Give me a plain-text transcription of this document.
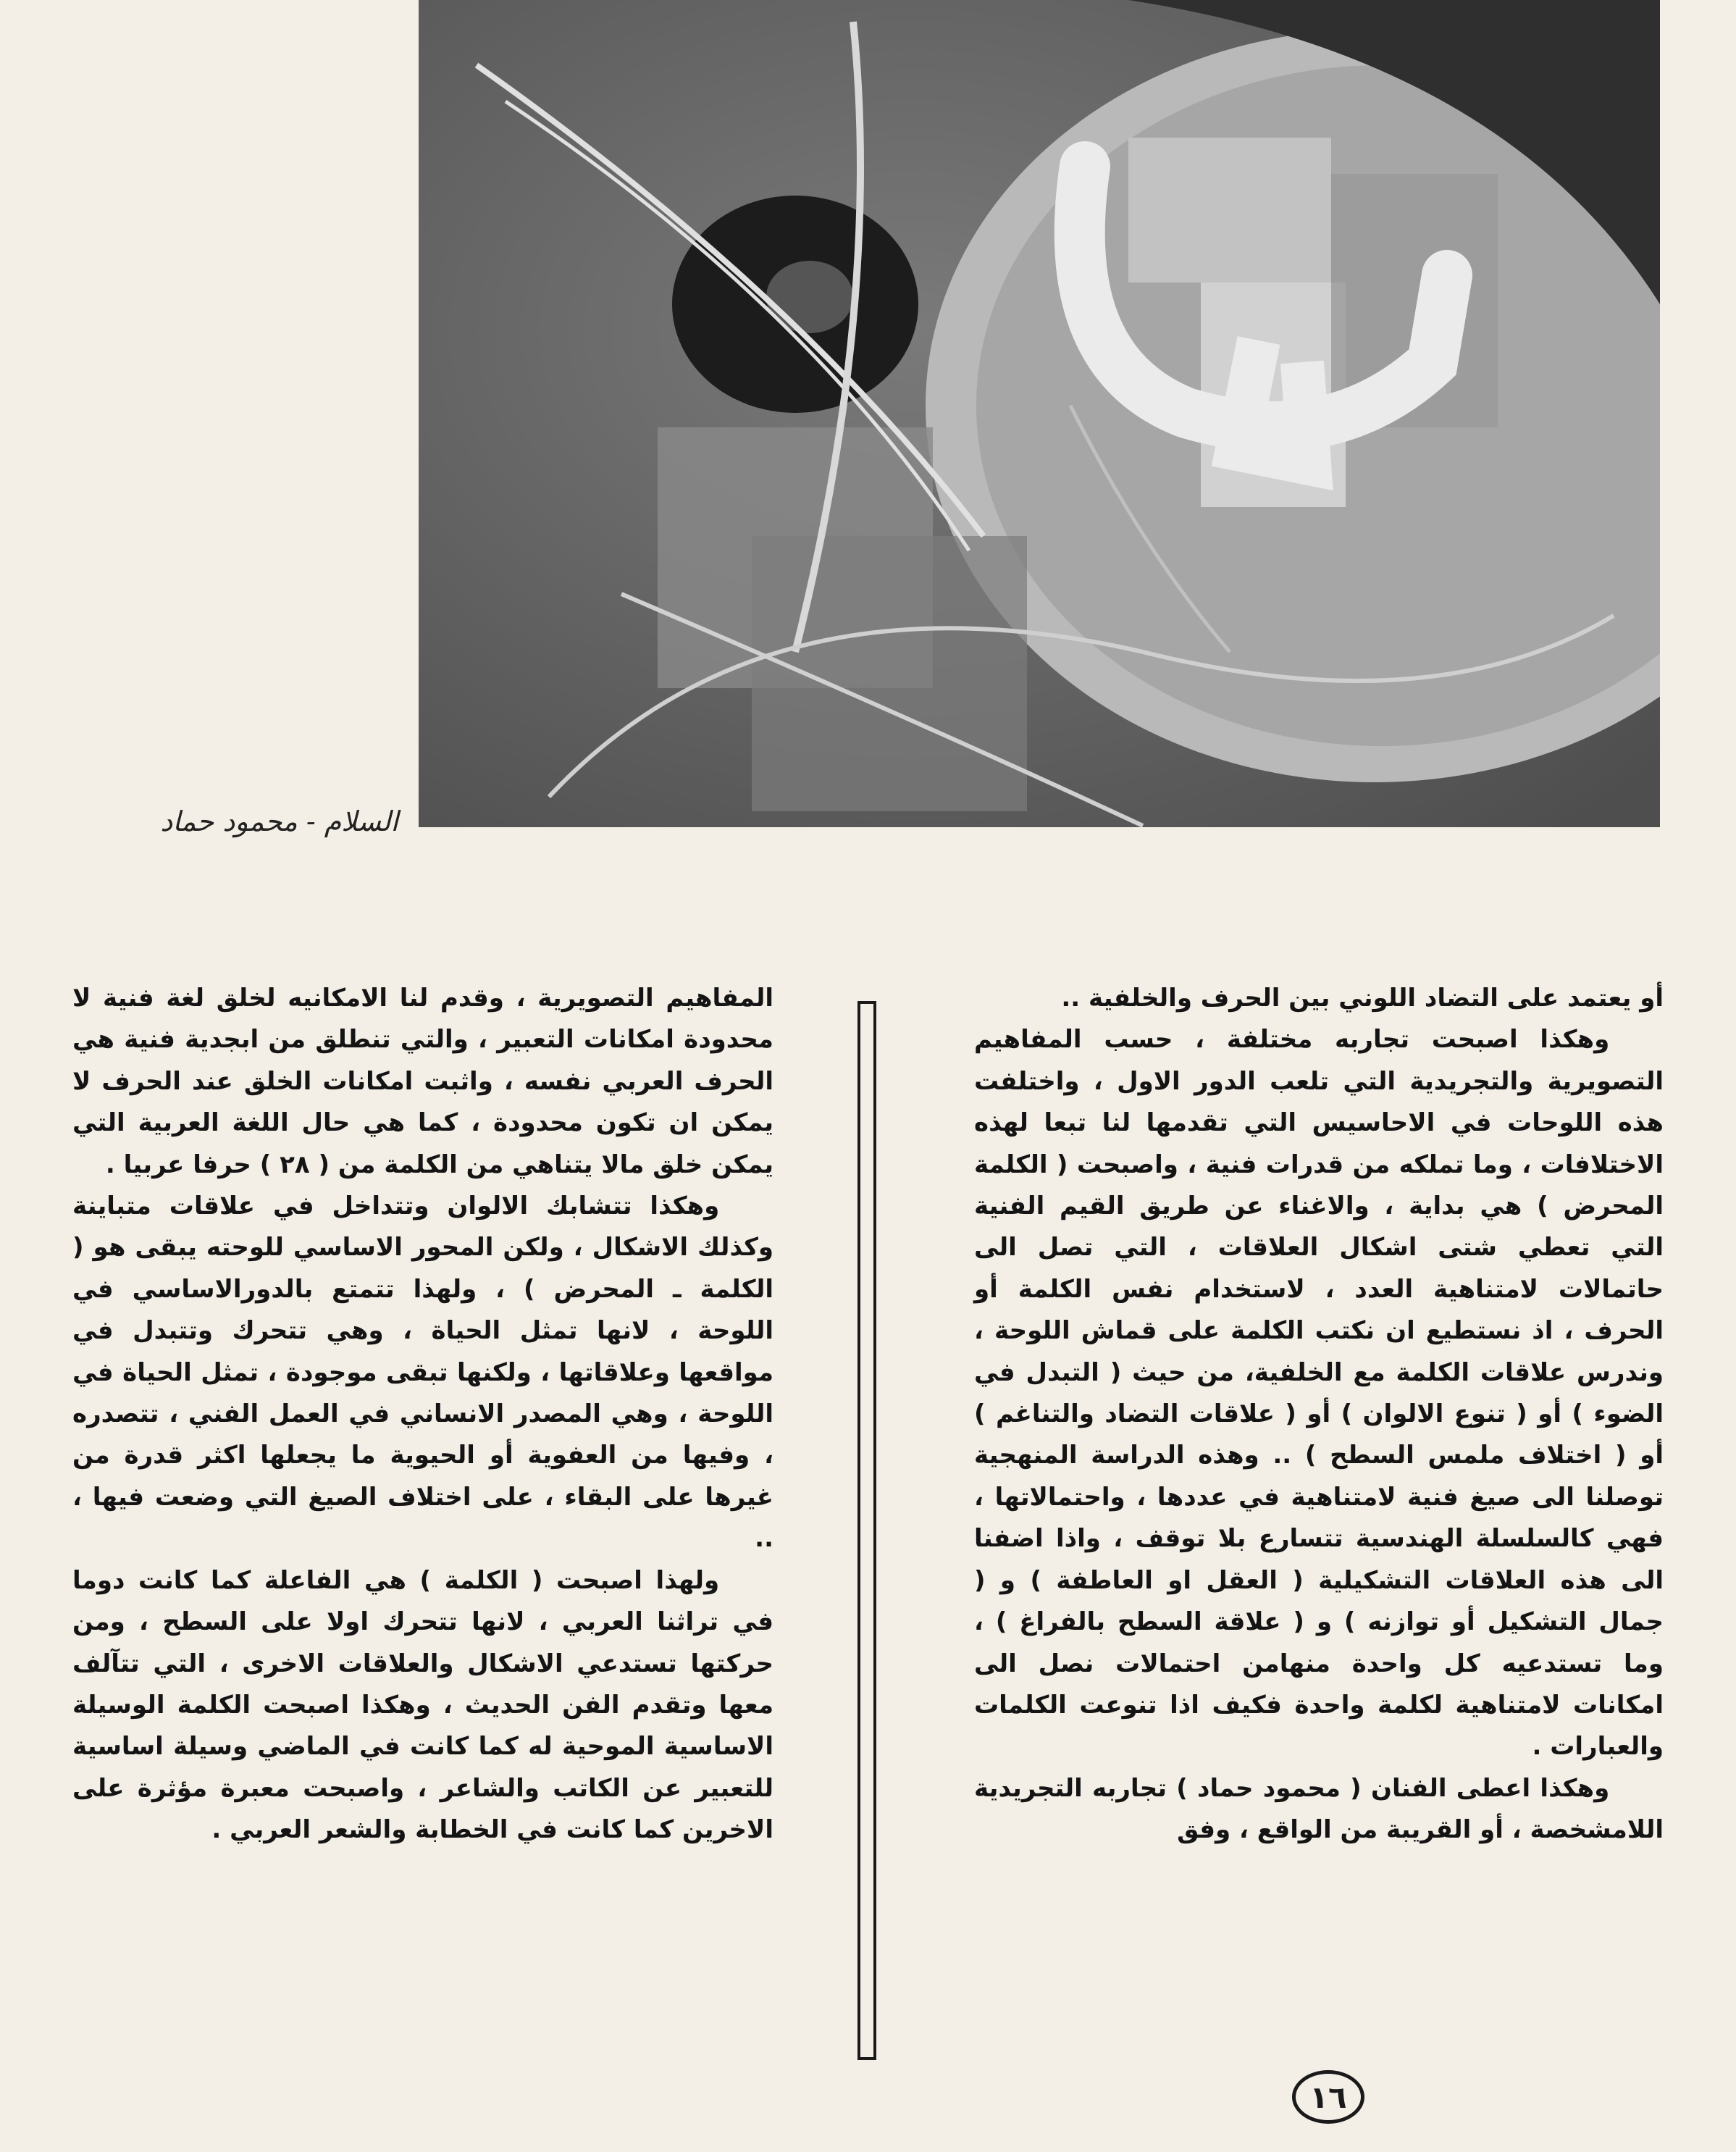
السلام - محمود حماد

أو يعتمد على التضاد اللوني بين الحرف والخلفية ..

وهكذا اصبحت تجاربه مختلفة ، حسب المفاهيم التصويرية والتجريدية التي تلعب الدور الاول ، واختلفت هذه اللوحات في الاحاسيس التي تقدمها لنا تبعا لهذه الاختلافات ، وما تملكه من قدرات فنية ، واصبحت ( الكلمة المحرض ) هي بداية ، والاغناء عن طريق القيم الفنية التي تعطي شتى اشكال العلاقات ، التي تصل الى حاتمالات لامتناهية العدد ، لاستخدام نفس الكلمة أو الحرف ، اذ نستطيع ان نكتب الكلمة على قماش اللوحة ، وندرس علاقات الكلمة مع الخلفية، من حيث ( التبدل في الضوء ) أو ( تنوع الالوان ) أو ( علاقات التضاد والتناغم ) أو ( اختلاف ملمس السطح ) .. وهذه الدراسة المنهجية توصلنا الى صيغ فنية لامتناهية في عددها ، واحتمالاتها ، فهي كالسلسلة الهندسية تتسارع بلا توقف ، واذا اضفنا الى هذه العلاقات التشكيلية ( العقل او العاطفة ) و ( جمال التشكيل أو توازنه ) و ( علاقة السطح بالفراغ ) ، وما تستدعيه كل واحدة منهامن احتمالات نصل الى امكانات لامتناهية لكلمة واحدة فكيف اذا تنوعت الكلمات والعبارات .

وهكذا اعطى الفنان ( محمود حماد ) تجاربه التجريدية اللامشخصة ، أو القريبة من الواقع ، وفق

المفاهيم التصويرية ، وقدم لنا الامكانيه لخلق لغة فنية لا محدودة امكانات التعبير ، والتي تنطلق من ابجدية فنية هي الحرف العربي نفسه ، واثبت امكانات الخلق عند الحرف لا يمكن ان تكون محدودة ، كما هي حال اللغة العربية التي يمكن خلق مالا يتناهي من الكلمة من ( ٢٨ ) حرفا عربيا .

وهكذا تتشابك الالوان وتتداخل في علاقات متباينة وكذلك الاشكال ، ولكن المحور الاساسي للوحته يبقى هو ( الكلمة ـ المحرض ) ، ولهذا تتمتع بالدورالاساسي في اللوحة ، لانها تمثل الحياة ، وهي تتحرك وتتبدل في مواقعها وعلاقاتها ، ولكنها تبقى موجودة ، تمثل الحياة في اللوحة ، وهي المصدر الانساني في العمل الفني ، تتصدره ، وفيها من العفوية أو الحيوية ما يجعلها اكثر قدرة من غيرها على البقاء ، على اختلاف الصيغ التي وضعت فيها ، ..

ولهذا اصبحت ( الكلمة ) هي الفاعلة كما كانت دوما في تراثنا العربي ، لانها تتحرك اولا على السطح ، ومن حركتها تستدعي الاشكال والعلاقات الاخرى ، التي تتآلف معها وتقدم الفن الحديث ، وهكذا اصبحت الكلمة الوسيلة الاساسية الموحية له كما كانت في الماضي وسيلة اساسية للتعبير عن الكاتب والشاعر ، واصبحت معبرة مؤثرة على الاخرين كما كانت في الخطابة والشعر العربي .

١٦
